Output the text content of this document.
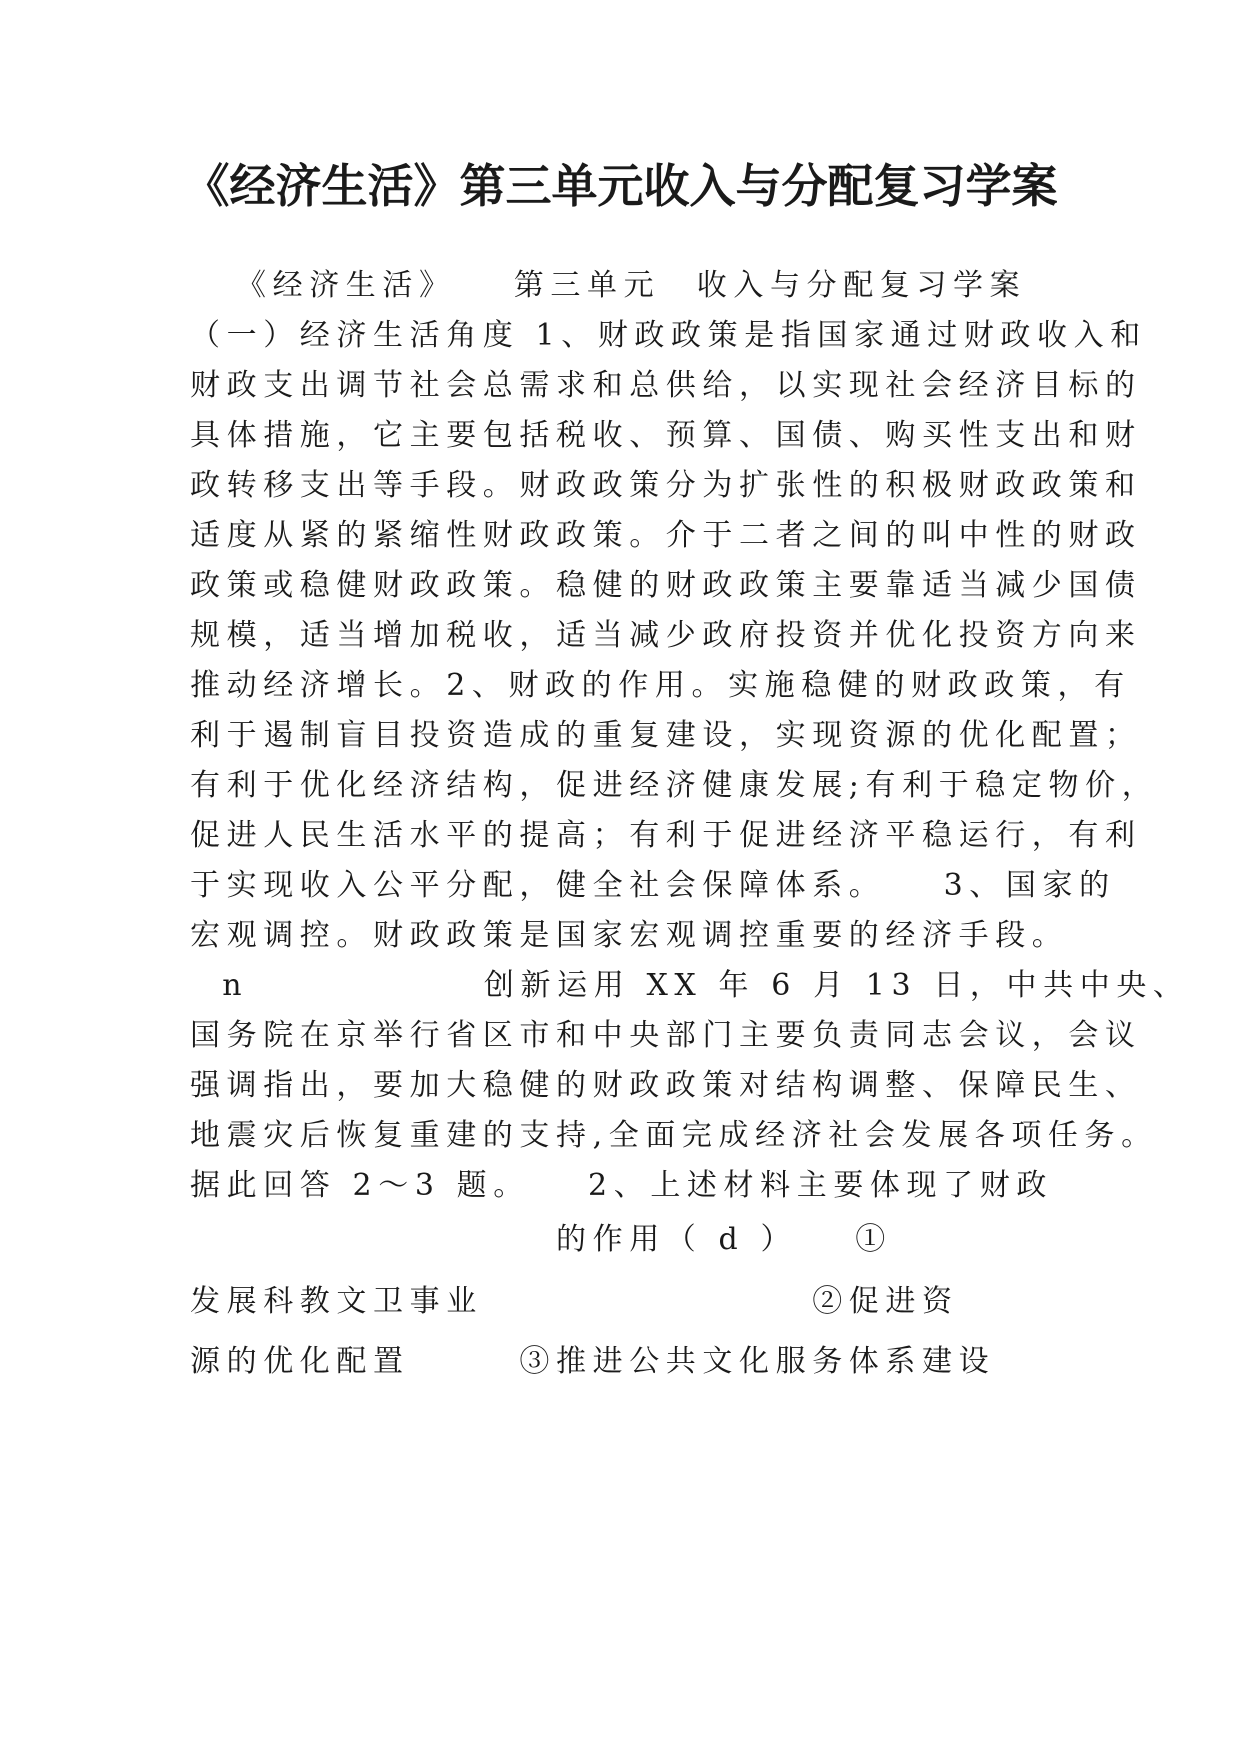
《经济生活》第三单元收入与分配复习学案
《经济生活》　　第三单元　收入与分配复习学案
（一）经济生活角度 1、财政政策是指国家通过财政收入和
财政支出调节社会总需求和总供给，以实现社会经济目标的
具体措施，它主要包括税收、预算、国债、购买性支出和财
政转移支出等手段。财政政策分为扩张性的积极财政政策和
适度从紧的紧缩性财政政策。介于二者之间的叫中性的财政
政策或稳健财政政策。稳健的财政政策主要靠适当减少国债
规模，适当增加税收，适当减少政府投资并优化投资方向来
推动经济增长。2、财政的作用。实施稳健的财政政策，有
利于遏制盲目投资造成的重复建设，实现资源的优化配置；
有利于优化经济结构，促进经济健康发展;有利于稳定物价，
促进人民生活水平的提高；有利于促进经济平稳运行，有利
于实现收入公平分配，健全社会保障体系。　　3、国家的
宏观调控。财政政策是国家宏观调控重要的经济手段。
n 　　　　　　创新运用 XX 年 6 月 13 日，中共中央、
国务院在京举行省区市和中央部门主要负责同志会议，会议
强调指出，要加大稳健的财政政策对结构调整、保障民生、
地震灾后恢复重建的支持,全面完成经济社会发展各项任务。
据此回答 2～3 题。　　2、上述材料主要体现了财政
　　　　　　　　　　的作用（ d ）　　①
发展科教文卫事业　　　　　　　　　②促进资
源的优化配置　　　③推进公共文化服务体系建设
